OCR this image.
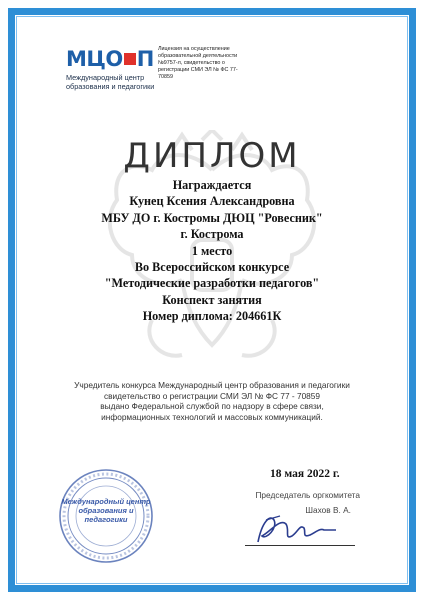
МЦО П
Международный центр образования и педагогики
Лицензия на осуществление образовательной деятельности №9757-л, свидетельство о регистрации СМИ ЭЛ № ФС 77-70859
ДИПЛОМ
Награждается
Кунец Ксения Александровна
МБУ ДО г. Костромы ДЮЦ "Ровесник"
г. Кострома
1 место
Во Всероссийском конкурсе
"Методические разработки педагогов"
Конспект занятия
Номер диплома: 204661К
Учредитель конкурса Международный центр образования и педагогики
свидетельство о регистрации СМИ ЭЛ № ФС 77 - 70859
выдано Федеральной службой по надзору в сфере связи,
информационных технологий и массовых коммуникаций.
18 мая 2022 г.
Председатель оргкомитета
Шахов В. А.
Международный центр образования и педагогики
